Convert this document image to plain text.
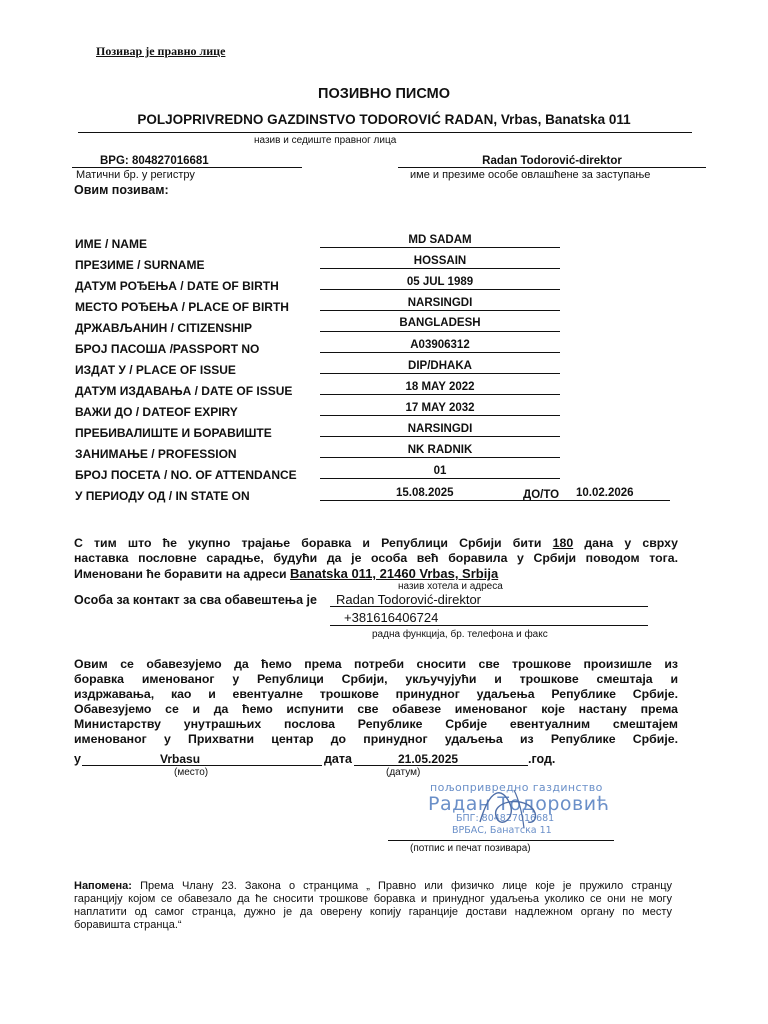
Позивар је правно лице
ПОЗИВНО ПИСМО
POLJOPRIVREDNO GAZDINSTVO TODOROVIĆ RADAN, Vrbas, Banatska 011
назив и седиште правног лица
BPG: 804827016681
Матични бр. у регистру
Radan Todorović-direktor
име и презиме особе овлашћене за заступање
Овим позивам:
ИМЕ / NAME	MD SADAM
ПРЕЗИМЕ / SURNAME	HOSSAIN
ДАТУМ РОЂЕЊА / DATE OF BIRTH	05 JUL 1989
МЕСТО РОЂЕЊА / PLACE OF BIRTH	NARSINGDI
ДРЖАВЉАНИН / CITIZENSHIP	BANGLADESH
БРОЈ ПАСОША /PASSPORT NO	A03906312
ИЗДАТ У / PLACE OF ISSUE	DIP/DHAKA
ДАТУМ ИЗДАВАЊА / DATE OF ISSUE	18 MAY 2022
ВАЖИ ДО / DATEOF EXPIRY	17 MAY 2032
ПРЕБИВАЛИШТЕ И БОРАВИШТЕ	NARSINGDI
ЗАНИМАЊЕ / PROFESSION	NK RADNIK
БРОЈ ПОСЕТА / NO. OF ATTENDANCE	01
У ПЕРИОДУ ОД / IN STATE ON	15.08.2025	ДО/ТО 10.02.2026
С тим што ће укупно трајање боравка и Републици Србији бити 180 дана у сврху
наставка пословне сарадње, будући да је особа већ боравила у Србији поводом тога.
Именовани ће боравити на адреси Banatska 011, 21460 Vrbas, Srbija
назив хотела и адреса
Особа за контакт за сва обавештења је Radan Todorović-direktor
+381616406724
радна функција, бр. телефона и факс
Овим се обавезујемо да ћемо према потреби сносити све трошкове произишле из
боравка именованог у Републици Србији, укључујући и трошкове смештаја и
издржавања, као и евентуалне трошкове принудног удаљења Републике Србије.
Обавезујемо се и да ћемо испунити све обавезе именованог које настану према
Министарству унутрашњих послова Републике Србије евентуалним смештајем
именованог у Прихватни центар до принудног удаљења из Републике Србије.
у	Vrbasu	дата	21.05.2025	.год.
(место)	(датум)
пољопривредно газдинство
Радан Тодоровић
БПГ: 804827016681
ВРБАС, Банатска 11
(потпис и печат позивара)
Напомена: Према Члану 23. Закона о странцима „ Правно или физичко лице које је пружило странцу
гаранцију којом се обавезало да ће сносити трошкове боравка и принудног удаљења уколико се они не могу
наплатити од самог странца, дужно је да оверену копију гаранције достави надлежном органу по месту
боравишта странца.“
